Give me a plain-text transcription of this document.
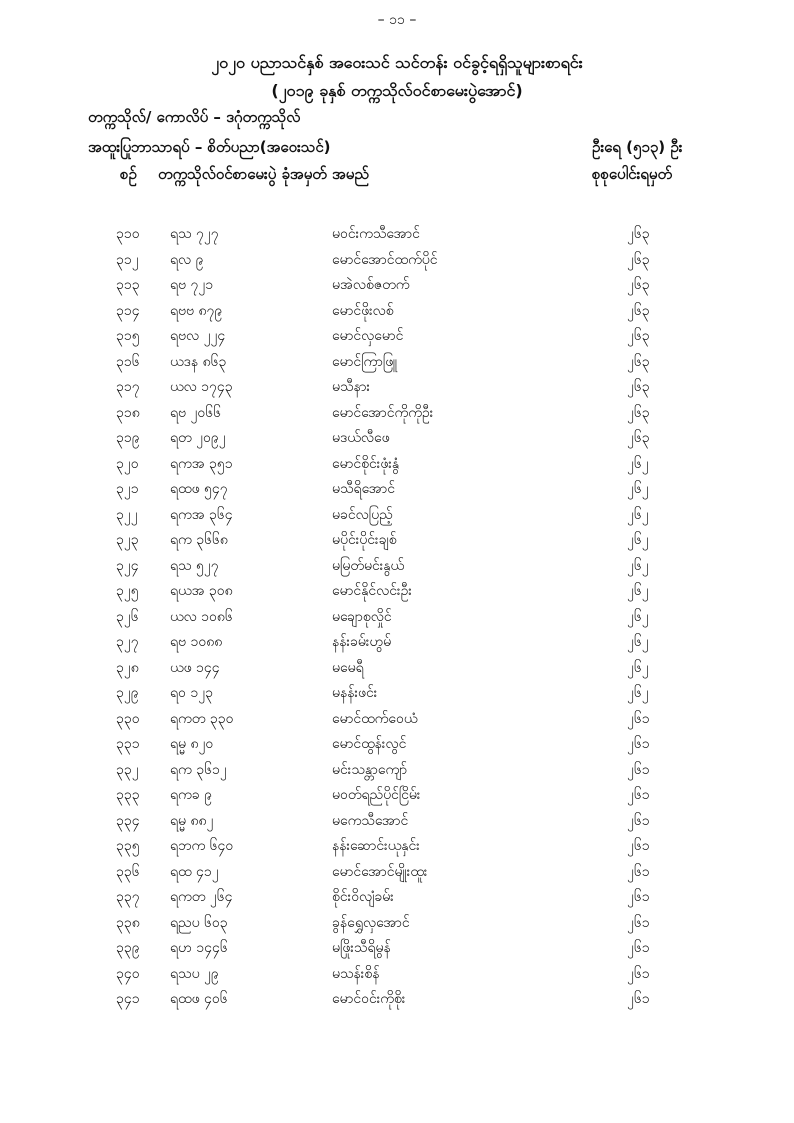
– ၁၁ –
၂၀၂၀ ပညာသင်နှစ် အဝေးသင် သင်တန်း ဝင်ခွင့်ရရှိသူများစာရင်း
(၂၀၁၉ ခုနှစ် တက္ကသိုလ်ဝင်စာမေးပွဲအောင်)
တက္ကသိုလ်/ ကောလိပ် – ဒဂုံတက္ကသိုလ်
အထူးပြုဘာသာရပ် – စိတ်ပညာ(အဝေးသင်)	ဦးရေ (၅၁၃) ဦး
စဉ် တက္ကသိုလ်ဝင်စာမေးပွဲ ခုံအမှတ် အမည်	စုစုပေါင်းရမှတ်
၃၁၀ ရသ ၇၂၇	မဝင်းကသီအောင်	၂၆၃
၃၁၂ ရလ ၉	မောင်အောင်ထက်ပိုင်	၂၆၃
၃၁၃ ရဗ ၇၂၁	မအဲလစ်ဇတက်	၂၆၃
၃၁၄ ရဗဗ ၈၇၉	မောင်ဖိုးလစ်	၂၆၃
၃၁၅ ရဗလ ၂၂၄	မောင်လှမောင်	၂၆၃
၃၁၆ ယဒန ၈၆၃	မောင်ကြာဖြူ	၂၆၃
၃၁၇ ယလ ၁၇၄၃	မသီနား	၂၆၃
၃၁၈ ရဗ ၂၀၆၆	မောင်အောင်ကိုကိုဦး	၂၆၃
၃၁၉ ရတ ၂၀၉၂	မဒယ်လီဖေ	၂၆၃
၃၂၀ ရကအ ၃၅၁	မောင်စိုင်းဖုံးနွံ	၂၆၂
၃၂၁ ရထဖ ၅၄၇	မသီရိအောင်	၂၆၂
၃၂၂ ရကအ ၃၆၄	မခင်လပြည့်	၂၆၂
၃၂၃ ရက ၃၆၆၈	မပိုင်းပိုင်းချစ်	၂၆၂
၃၂၄ ရသ ၅၂၇	မမြတ်မင်းနွယ်	၂၆၂
၃၂၅ ရယအ ၃၀၈	မောင်နိုင်လင်းဦး	၂၆၂
၃၂၆ ယလ ၁၀၈၆	မချောစုလှိုင်	၂၆၂
၃၂၇ ရဗ ၁၀၈၈	နန်းခမ်းဟွမ်	၂၆၂
၃၂၈ ယဖ ၁၄၄	မမေရီ	၂၆၂
၃၂၉ ရဝ ၁၂၃	မနန်းဖင်း	၂၆၂
၃၃၀ ရကတ ၃၃၀	မောင်ထက်ဝေယံ	၂၆၁
၃၃၁ ရမ္မ ၈၂၀	မောင်ထွန်းလွင်	၂၆၁
၃၃၂ ရက ၃၆၁၂	မင်းသန္တာကျော်	၂၆၁
၃၃၃ ရကခ ၉	မဝတ်ရည်ပိုင်ငြိမ်း	၂၆၁
၃၃၄ ရမ္မ ၈၈၂	မကေသီအောင်	၂၆၁
၃၃၅ ရဘက ၆၄၀	နန်းဆောင်းယုနှင်း	၂၆၁
၃၃၆ ရထ ၄၁၂	မောင်အောင်မျိုးထူး	၂၆၁
၃၃၇ ရကတ ၂၆၄	စိုင်းဝိလျံခမ်း	၂၆၁
၃၃၈ ရညပ ၆၀၃	ခွန်ရွှေလှအောင်	၂၆၁
၃၃၉ ရဟ ၁၄၄၆	မဖြိုးသီရိမွန်	၂၆၁
၃၄၀ ရသပ ၂၉	မသန်းစိန်	၂၆၁
၃၄၁ ရထဖ ၄၀၆	မောင်ဝင်းကိုစိုး	၂၆၁
